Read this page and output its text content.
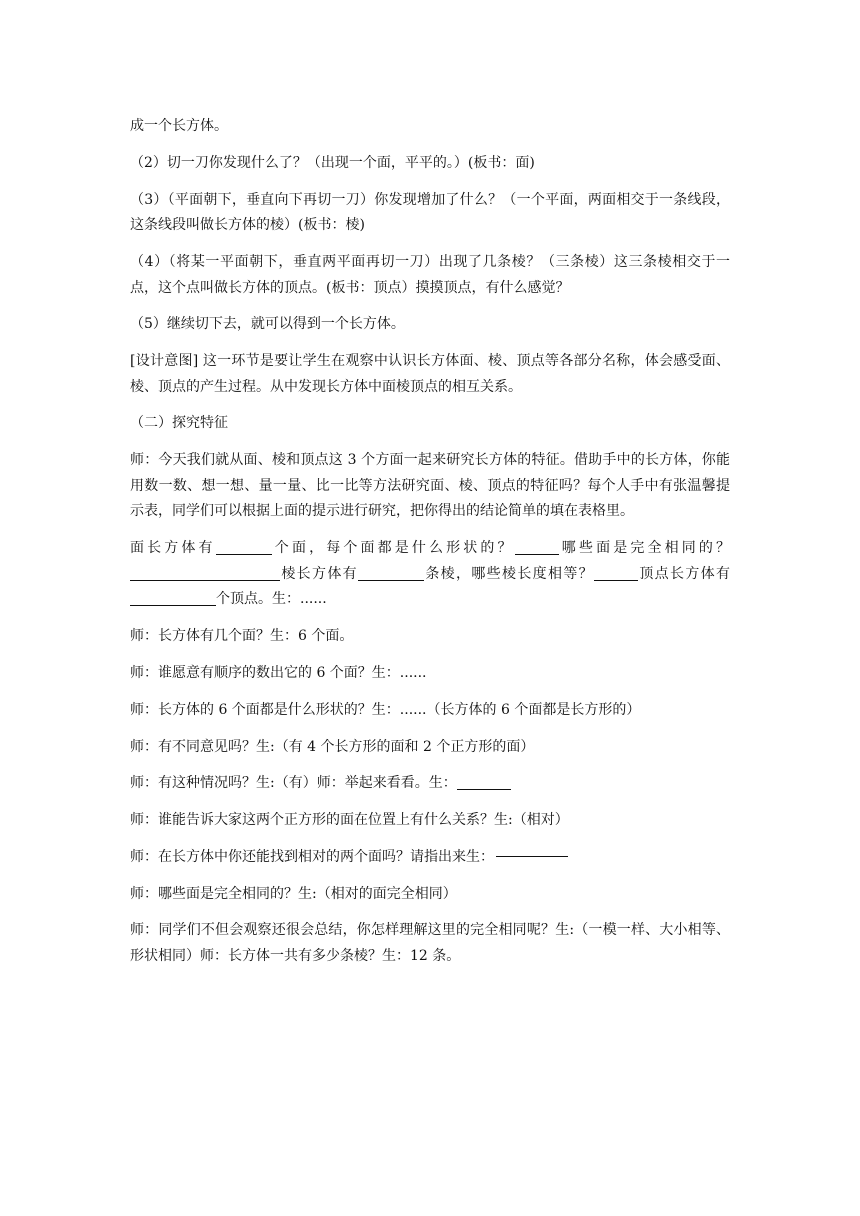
成一个长方体。

（2）切一刀你发现什么了？（出现一个面，平平的。）(板书：面)

（3）（平面朝下，垂直向下再切一刀）你发现增加了什么？（一个平面，两面相交于一条线段，这条线段叫做长方体的棱）(板书：棱)

（4）（将某一平面朝下，垂直两平面再切一刀）出现了几条棱？（三条棱）这三条棱相交于一点，这个点叫做长方体的顶点。(板书：顶点）摸摸顶点，有什么感觉？

（5）继续切下去，就可以得到一个长方体。

[设计意图] 这一环节是要让学生在观察中认识长方体面、棱、顶点等各部分名称，体会感受面、棱、顶点的产生过程。从中发现长方体中面棱顶点的相互关系。

（二）探究特征

师：今天我们就从面、棱和顶点这 3 个方面一起来研究长方体的特征。借助手中的长方体，你能用数一数、想一想、量一量、比一比等方法研究面、棱、顶点的特征吗？每个人手中有张温馨提示表，同学们可以根据上面的提示进行研究，把你得出的结论简单的填在表格里。

面长方体有	个面，每个面都是什么形状的？	哪些面是完全相同的？棱长方体有	条棱，哪些棱长度相等？	顶点长方体有个顶点。生：......

师：长方体有几个面？生：6 个面。

师：谁愿意有顺序的数出它的 6 个面？生：......

师：长方体的 6 个面都是什么形状的？生：......（长方体的 6 个面都是长方形的）

师：有不同意见吗？生:（有 4 个长方形的面和 2 个正方形的面）

师：有这种情况吗？生:（有）师：举起来看看。生：

师：谁能告诉大家这两个正方形的面在位置上有什么关系？生:（相对）

师：在长方体中你还能找到相对的两个面吗？请指出来生：

师：哪些面是完全相同的？生:（相对的面完全相同）

师：同学们不但会观察还很会总结，你怎样理解这里的完全相同呢？生:（一模一样、大小相等、形状相同）师：长方体一共有多少条棱？生：12 条。
